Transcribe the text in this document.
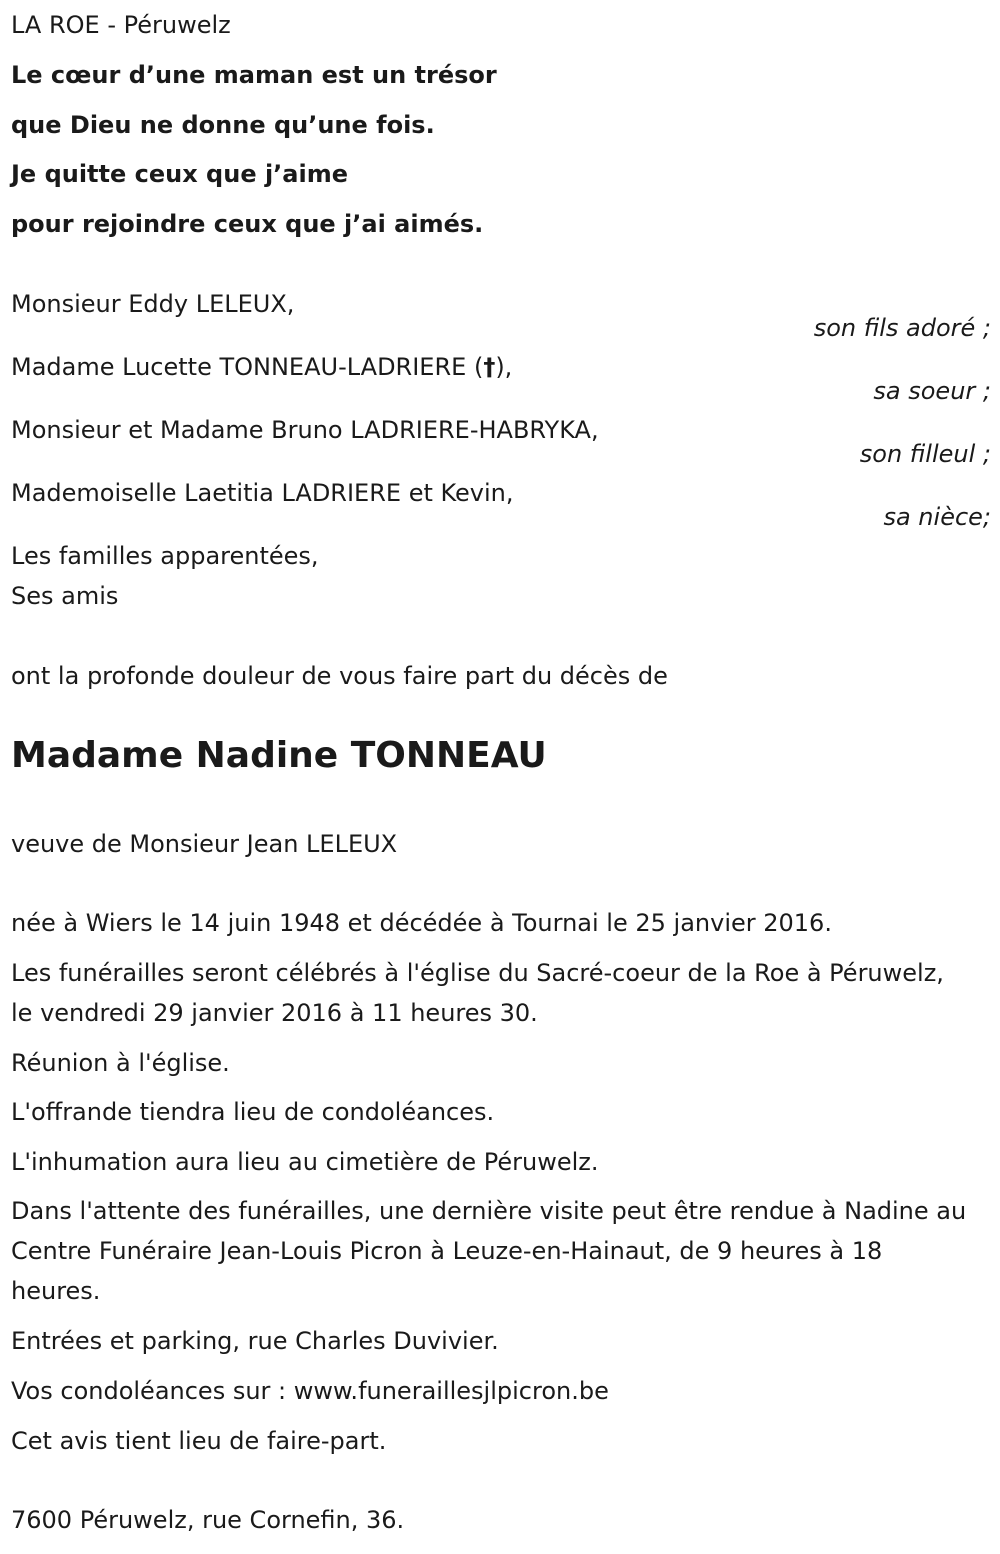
LA ROE - Péruwelz
Le cœur d’une maman est un trésor
que Dieu ne donne qu’une fois.
Je quitte ceux que j’aime
pour rejoindre ceux que j’ai aimés.
Monsieur Eddy LELEUX,
son fils adoré ;
Madame Lucette TONNEAU-LADRIERE (†),
sa soeur ;
Monsieur et Madame Bruno LADRIERE-HABRYKA,
son filleul ;
Mademoiselle Laetitia LADRIERE et Kevin,
sa nièce;
Les familles apparentées,
Ses amis
ont la profonde douleur de vous faire part du décès de
Madame Nadine TONNEAU
veuve de Monsieur Jean LELEUX
née à Wiers le 14 juin 1948 et décédée à Tournai le 25 janvier 2016.
Les funérailles seront célébrés à l'église du Sacré-coeur de la Roe à Péruwelz, le vendredi 29 janvier 2016 à 11 heures 30.
Réunion à l'église.
L'offrande tiendra lieu de condoléances.
L'inhumation aura lieu au cimetière de Péruwelz.
Dans l'attente des funérailles, une dernière visite peut être rendue à Nadine au Centre Funéraire Jean-Louis Picron à Leuze-en-Hainaut, de 9 heures à 18 heures.
Entrées et parking, rue Charles Duvivier.
Vos condoléances sur : www.funeraillesjlpicron.be
Cet avis tient lieu de faire-part.
7600 Péruwelz, rue Cornefin, 36.
